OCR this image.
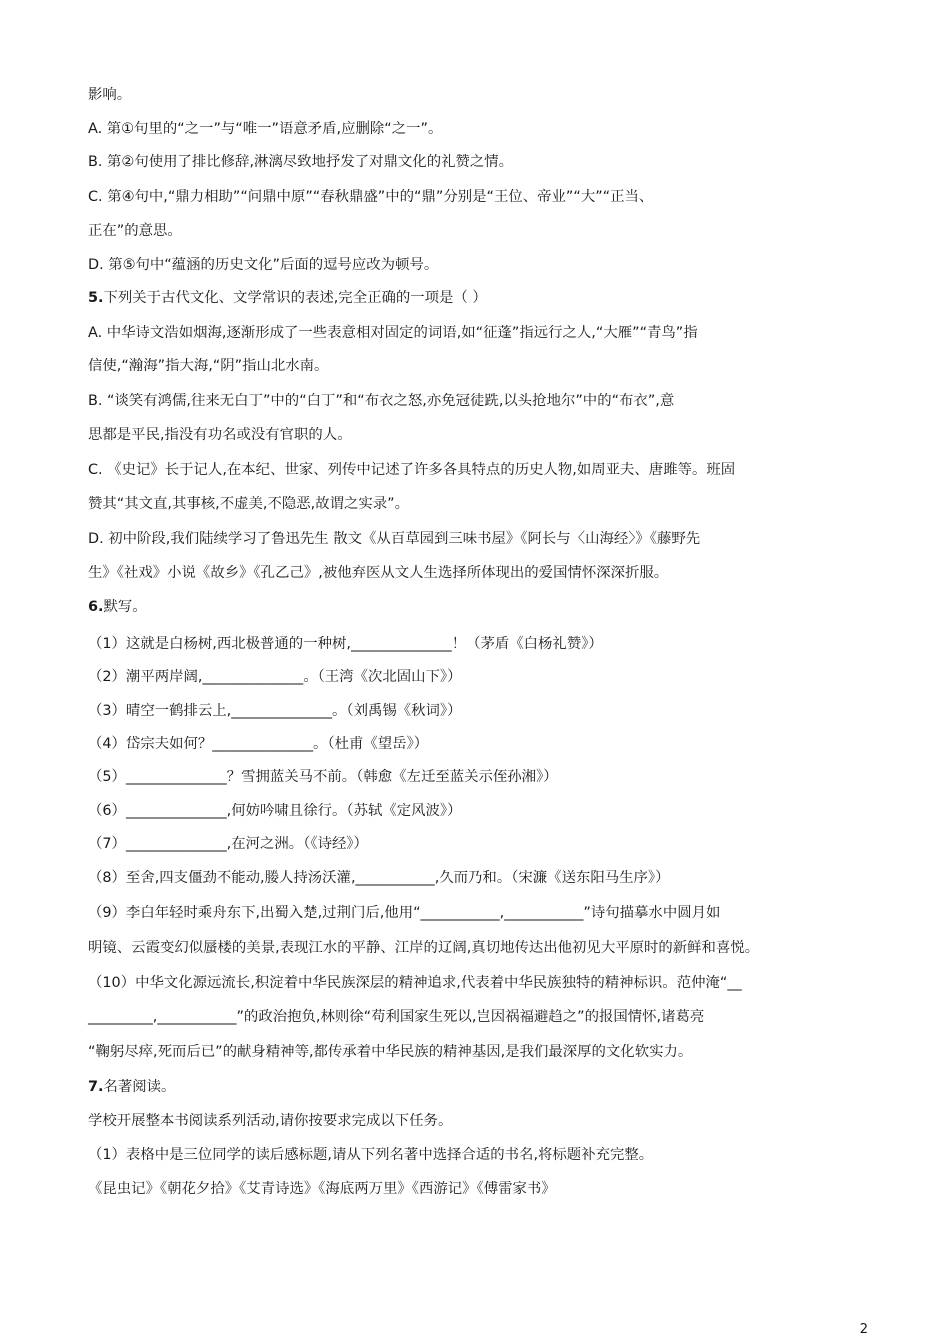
影响。
A. 第①句里的“之一”与“唯一”语意矛盾,应删除“之一”。
B. 第②句使用了排比修辞,淋漓尽致地抒发了对鼎文化的礼赞之情。
C. 第④句中,“鼎力相助”“问鼎中原”“春秋鼎盛”中的“鼎”分别是“王位、帝业”“大”“正当、
正在”的意思。
D. 第⑤句中“蕴涵的历史文化”后面的逗号应改为顿号。
5.下列关于古代文化、文学常识的表述,完全正确的一项是（ ）
A. 中华诗文浩如烟海,逐渐形成了一些表意相对固定的词语,如“征蓬”指远行之人,“大雁”“青鸟”指
信使,“瀚海”指大海,“阴”指山北水南。
B. “谈笑有鸿儒,往来无白丁”中的“白丁”和“布衣之怒,亦免冠徒跣,以头抢地尔”中的“布衣”,意
思都是平民,指没有功名或没有官职的人。
C. 《史记》长于记人,在本纪、世家、列传中记述了许多各具特点的历史人物,如周亚夫、唐雎等。班固
赞其“其文直,其事核,不虚美,不隐恶,故谓之实录”。
D. 初中阶段,我们陆续学习了鲁迅先生 散文《从百草园到三味书屋》《阿长与〈山海经〉》《藤野先
生》《社戏》小说《故乡》《孔乙己》,被他弃医从文人生选择所体现出的爱国情怀深深折服。
6.默写。
（1）这就是白杨树,西北极普通的一种树,______________！（茅盾《白杨礼赞》）
（2）潮平两岸阔,______________。（王湾《次北固山下》）
（3）晴空一鹤排云上,______________。（刘禹锡《秋词》）
（4）岱宗夫如何？______________。（杜甫《望岳》）
（5）______________？雪拥蓝关马不前。（韩愈《左迁至蓝关示侄孙湘》）
（6）______________,何妨吟啸且徐行。（苏轼《定风波》）
（7）______________,在河之洲。（《诗经》）
（8）至舍,四支僵劲不能动,媵人持汤沃灌,___________,久而乃和。（宋濂《送东阳马生序》）
（9）李白年轻时乘舟东下,出蜀入楚,过荆门后,他用“___________,___________”诗句描摹水中圆月如
明镜、云霞变幻似蜃楼的美景,表现江水的平静、江岸的辽阔,真切地传达出他初见大平原时的新鲜和喜悦。
（10）中华文化源远流长,积淀着中华民族深层的精神追求,代表着中华民族独特的精神标识。范仲淹“__
_________,___________”的政治抱负,林则徐“苟利国家生死以,岂因祸福避趋之”的报国情怀,诸葛亮
“鞠躬尽瘁,死而后已”的献身精神等,都传承着中华民族的精神基因,是我们最深厚的文化软实力。
7.名著阅读。
学校开展整本书阅读系列活动,请你按要求完成以下任务。
（1）表格中是三位同学的读后感标题,请从下列名著中选择合适的书名,将标题补充完整。
《昆虫记》《朝花夕拾》《艾青诗选》《海底两万里》《西游记》《傅雷家书》
2
